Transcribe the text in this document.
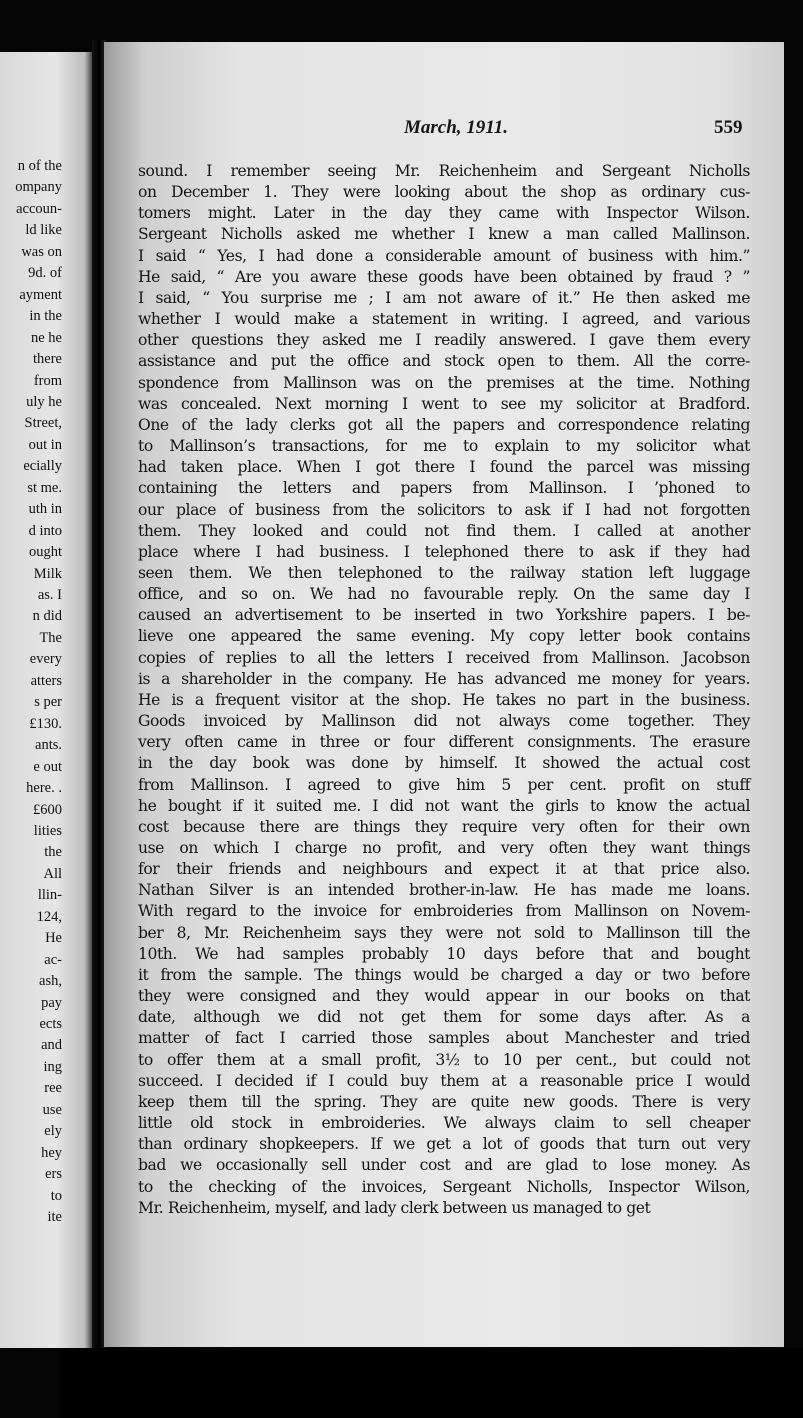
n of the
ompany
accoun-
ld like
was on
9d. of
ayment
in the
ne he
there
from
uly he
Street,
out in
ecially
st me.
uth in
d into
ought
Milk
as. I
n did
The
every
atters
s per
£130.
ants.
e out
here. .
£600
lities
the
All
llin-
124,
He
ac-
ash,
pay
ects
and
ing
ree
use
ely
hey
ers
to
ite
March, 1911.	559
sound. I remember seeing Mr. Reichenheim and Sergeant Nicholls
on December 1. They were looking about the shop as ordinary cus-
tomers might. Later in the day they came with Inspector Wilson.
Sergeant Nicholls asked me whether I knew a man called Mallinson.
I said “ Yes, I had done a considerable amount of business with him.”
He said, “ Are you aware these goods have been obtained by fraud ? ”
I said, “ You surprise me ; I am not aware of it.” He then asked me
whether I would make a statement in writing. I agreed, and various
other questions they asked me I readily answered. I gave them every
assistance and put the office and stock open to them. All the corre-
spondence from Mallinson was on the premises at the time. Nothing
was concealed. Next morning I went to see my solicitor at Bradford.
One of the lady clerks got all the papers and correspondence relating
to Mallinson’s transactions, for me to explain to my solicitor what
had taken place. When I got there I found the parcel was missing
containing the letters and papers from Mallinson. I ’phoned to
our place of business from the solicitors to ask if I had not forgotten
them. They looked and could not find them. I called at another
place where I had business. I telephoned there to ask if they had
seen them. We then telephoned to the railway station left luggage
office, and so on. We had no favourable reply. On the same day I
caused an advertisement to be inserted in two Yorkshire papers. I be-
lieve one appeared the same evening. My copy letter book contains
copies of replies to all the letters I received from Mallinson. Jacobson
is a shareholder in the company. He has advanced me money for years.
He is a frequent visitor at the shop. He takes no part in the business.
Goods invoiced by Mallinson did not always come together. They
very often came in three or four different consignments. The erasure
in the day book was done by himself. It showed the actual cost
from Mallinson. I agreed to give him 5 per cent. profit on stuff
he bought if it suited me. I did not want the girls to know the actual
cost because there are things they require very often for their own
use on which I charge no profit, and very often they want things
for their friends and neighbours and expect it at that price also.
Nathan Silver is an intended brother-in-law. He has made me loans.
With regard to the invoice for embroideries from Mallinson on Novem-
ber 8, Mr. Reichenheim says they were not sold to Mallinson till the
10th. We had samples probably 10 days before that and bought
it from the sample. The things would be charged a day or two before
they were consigned and they would appear in our books on that
date, although we did not get them for some days after. As a
matter of fact I carried those samples about Manchester and tried
to offer them at a small profit, 3½ to 10 per cent., but could not
succeed. I decided if I could buy them at a reasonable price I would
keep them till the spring. They are quite new goods. There is very
little old stock in embroideries. We always claim to sell cheaper
than ordinary shopkeepers. If we get a lot of goods that turn out very
bad we occasionally sell under cost and are glad to lose money. As
to the checking of the invoices, Sergeant Nicholls, Inspector Wilson,
Mr. Reichenheim, myself, and lady clerk between us managed to get
